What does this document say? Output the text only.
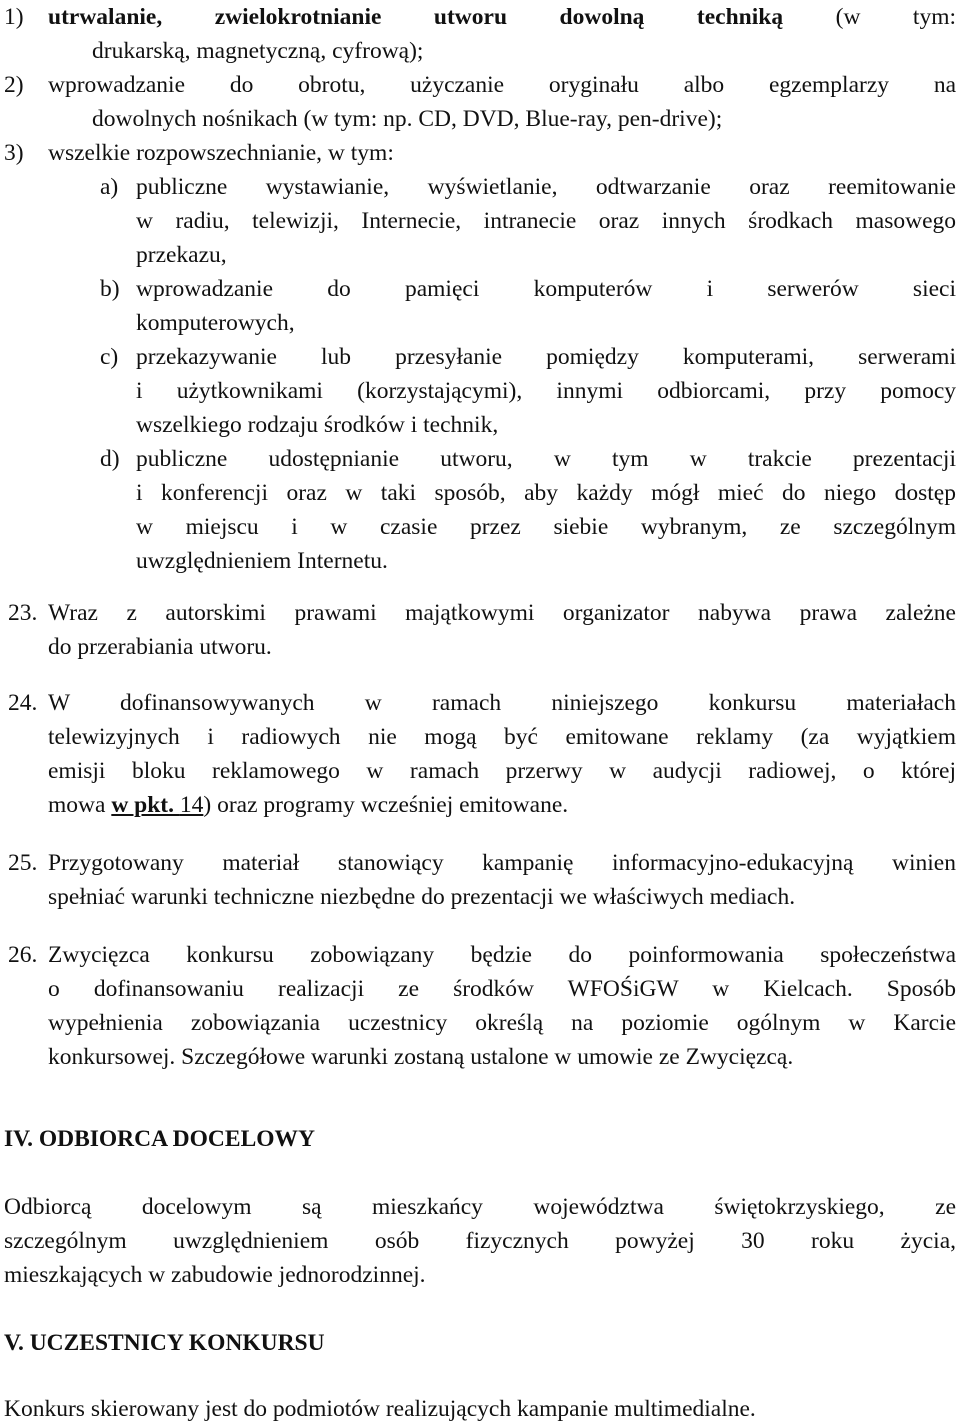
1) utrwalanie, zwielokrotnianie utworu dowolną techniką (w tym:
drukarską, magnetyczną, cyfrową);
2) wprowadzanie do obrotu, użyczanie oryginału albo egzemplarzy na
dowolnych nośnikach (w tym: np. CD, DVD, Blue-ray, pen-drive);
3) wszelkie rozpowszechnianie, w tym:
a) publiczne wystawianie, wyświetlanie, odtwarzanie oraz reemitowanie
w radiu, telewizji, Internecie, intranecie oraz innych środkach masowego
przekazu,
b) wprowadzanie do pamięci komputerów i serwerów sieci
komputerowych,
c) przekazywanie lub przesyłanie pomiędzy komputerami, serwerami
i użytkownikami (korzystającymi), innymi odbiorcami, przy pomocy
wszelkiego rodzaju środków i technik,
d) publiczne udostępnianie utworu, w tym w trakcie prezentacji
i konferencji oraz w taki sposób, aby każdy mógł mieć do niego dostęp
w miejscu i w czasie przez siebie wybranym, ze szczególnym
uwzględnieniem Internetu.
23. Wraz z autorskimi prawami majątkowymi organizator nabywa prawa zależne
do przerabiania utworu.
24. W dofinansowywanych w ramach niniejszego konkursu materiałach
telewizyjnych i radiowych nie mogą być emitowane reklamy (za wyjątkiem
emisji bloku reklamowego w ramach przerwy w audycji radiowej, o której
mowa w pkt. 14) oraz programy wcześniej emitowane.
25. Przygotowany materiał stanowiący kampanię informacyjno-edukacyjną winien
spełniać warunki techniczne niezbędne do prezentacji we właściwych mediach.
26. Zwycięzca konkursu zobowiązany będzie do poinformowania społeczeństwa
o dofinansowaniu realizacji ze środków WFOŚiGW w Kielcach. Sposób
wypełnienia zobowiązania uczestnicy określą na poziomie ogólnym w Karcie
konkursowej. Szczegółowe warunki zostaną ustalone w umowie ze Zwycięzcą.
IV. ODBIORCA DOCELOWY
Odbiorcą docelowym są mieszkańcy województwa świętokrzyskiego, ze
szczególnym uwzględnieniem osób fizycznych powyżej 30 roku życia,
mieszkających w zabudowie jednorodzinnej.
V. UCZESTNICY KONKURSU
Konkurs skierowany jest do podmiotów realizujących kampanie multimedialne.
